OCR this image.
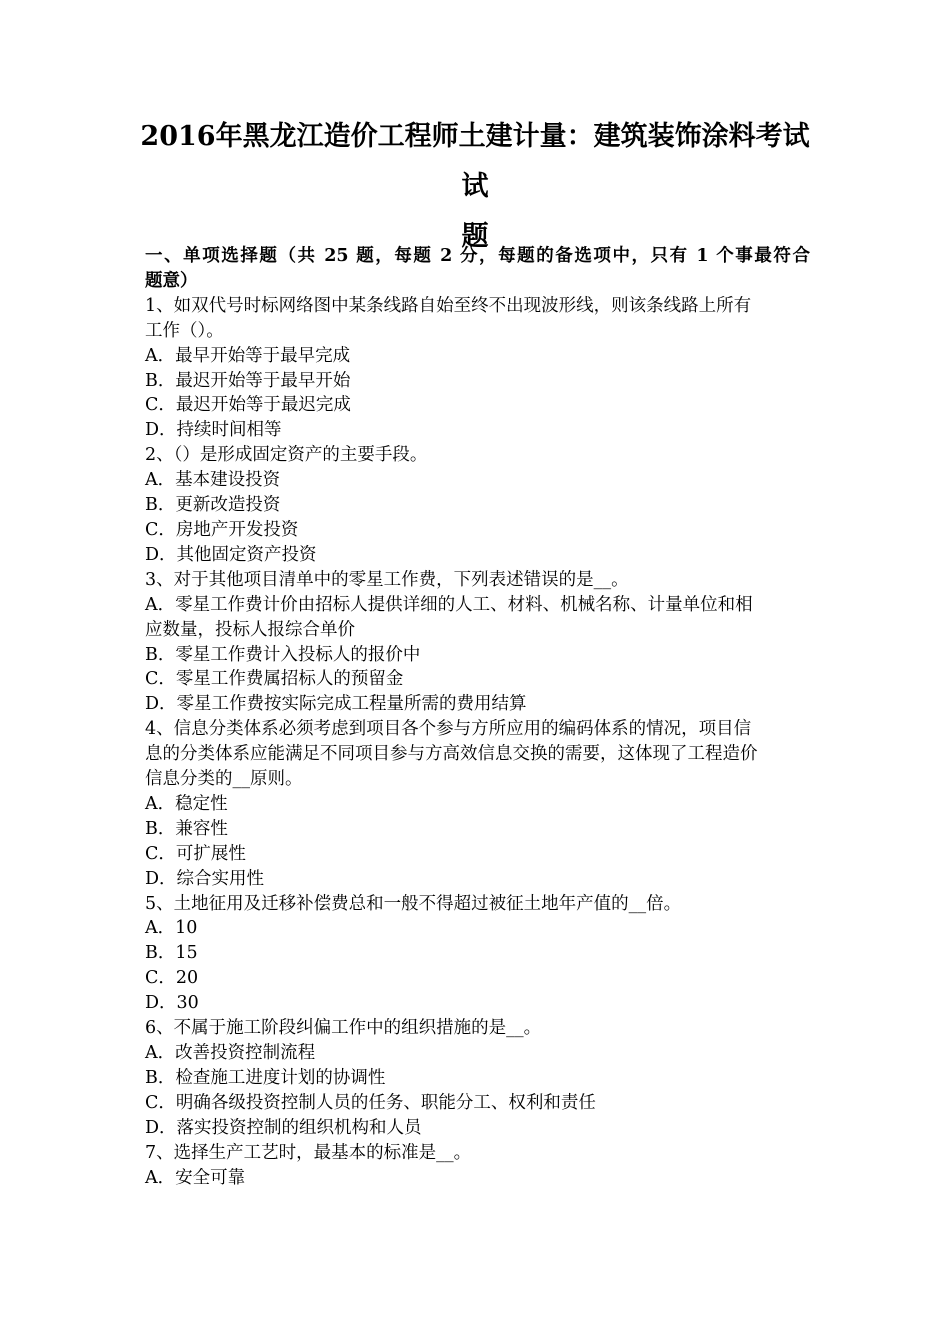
2016年黑龙江造价工程师土建计量：建筑装饰涂料考试试
题
一、单项选择题（共 25 题，每题 2 分，每题的备选项中，只有 1 个事最符合
题意）
1、如双代号时标网络图中某条线路自始至终不出现波形线，则该条线路上所有
工作（）。
A．最早开始等于最早完成
B．最迟开始等于最早开始
C．最迟开始等于最迟完成
D．持续时间相等
2、（）是形成固定资产的主要手段。
A．基本建设投资
B．更新改造投资
C．房地产开发投资
D．其他固定资产投资
3、对于其他项目清单中的零星工作费，下列表述错误的是__。
A．零星工作费计价由招标人提供详细的人工、材料、机械名称、计量单位和相
应数量，投标人报综合单价
B．零星工作费计入投标人的报价中
C．零星工作费属招标人的预留金
D．零星工作费按实际完成工程量所需的费用结算
4、信息分类体系必须考虑到项目各个参与方所应用的编码体系的情况，项目信
息的分类体系应能满足不同项目参与方高效信息交换的需要，这体现了工程造价
信息分类的__原则。
A．稳定性
B．兼容性
C．可扩展性
D．综合实用性
5、土地征用及迁移补偿费总和一般不得超过被征土地年产值的__倍。
A．10
B．15
C．20
D．30
6、不属于施工阶段纠偏工作中的组织措施的是__。
A．改善投资控制流程
B．检查施工进度计划的协调性
C．明确各级投资控制人员的任务、职能分工、权利和责任
D．落实投资控制的组织机构和人员
7、选择生产工艺时，最基本的标准是__。
A．安全可靠
